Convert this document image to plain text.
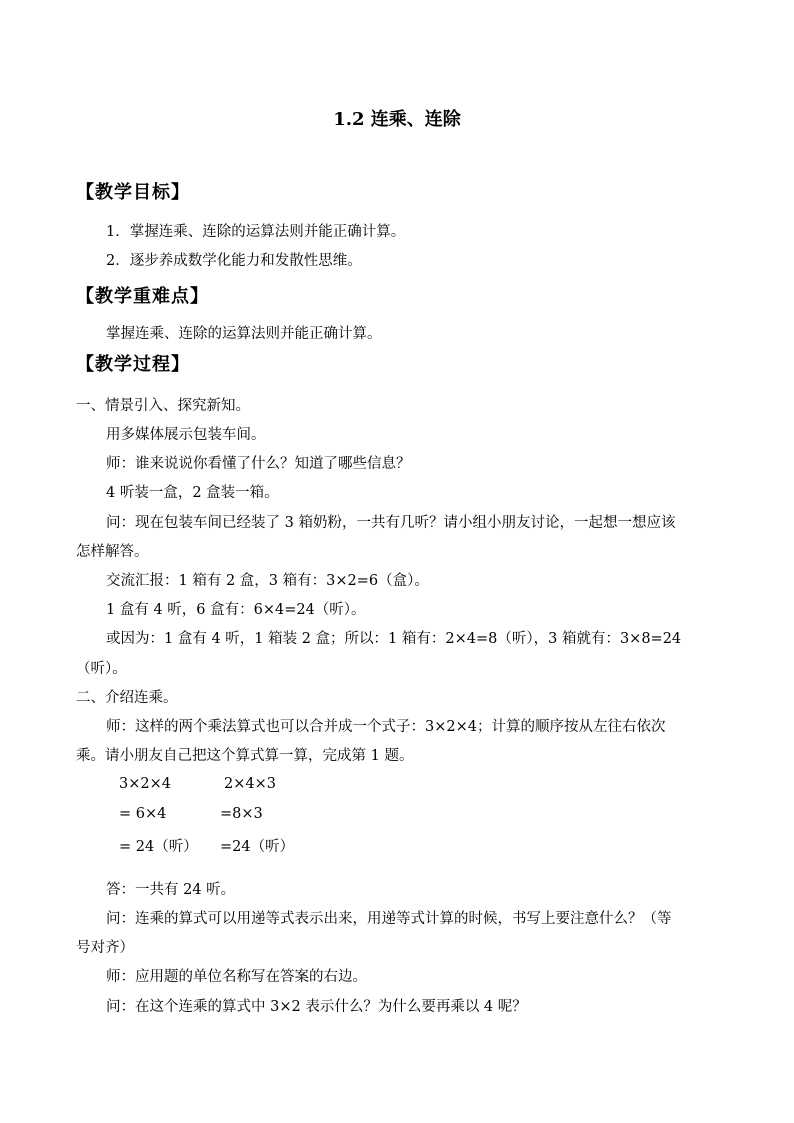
1.2 连乘、连除
【教学目标】
1．掌握连乘、连除的运算法则并能正确计算。
2．逐步养成数学化能力和发散性思维。
【教学重难点】
掌握连乘、连除的运算法则并能正确计算。
【教学过程】
一、情景引入、探究新知。
用多媒体展示包装车间。
师：谁来说说你看懂了什么？知道了哪些信息？
4 听装一盒，2 盒装一箱。
问：现在包装车间已经装了 3 箱奶粉，一共有几听？请小组小朋友讨论，一起想一想应该
怎样解答。
交流汇报：1 箱有 2 盒，3 箱有：3×2=6（盒）。
1 盒有 4 听，6 盒有：6×4=24（听）。
或因为：1 盒有 4 听，1 箱装 2 盒；所以：1 箱有：2×4=8（听），3 箱就有：3×8=24
（听）。
二、介绍连乘。
师：这样的两个乘法算式也可以合并成一个式子：3×2×4；计算的顺序按从左往右依次
乘。请小朋友自己把这个算式算一算，完成第 1 题。
3×2×4
= 6×4
= 24（听）
2×4×3
=8×3
=24（听）
答：一共有 24 听。
问：连乘的算式可以用递等式表示出来，用递等式计算的时候，书写上要注意什么？（等
号对齐）
师：应用题的单位名称写在答案的右边。
问：在这个连乘的算式中 3×2 表示什么？为什么要再乘以 4 呢？
